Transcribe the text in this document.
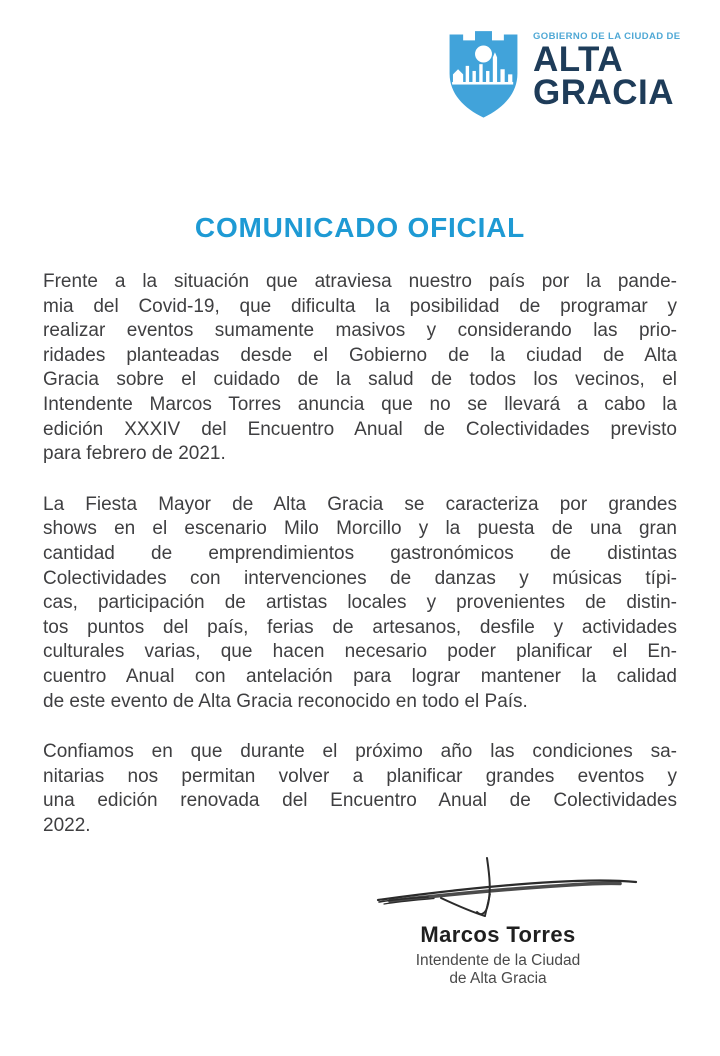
GOBIERNO DE LA CIUDAD DE
ALTA
GRACIA
COMUNICADO OFICIAL
Frente a la situación que atraviesa nuestro país por la pande-
mia del Covid-19, que dificulta la posibilidad de programar y
realizar eventos sumamente masivos y considerando las prio-
ridades planteadas desde el Gobierno de la ciudad de Alta
Gracia sobre el cuidado de la salud de todos los vecinos, el
Intendente Marcos Torres anuncia que no se llevará a cabo la
edición XXXIV del Encuentro Anual de Colectividades previsto
para febrero de 2021.
La Fiesta Mayor de Alta Gracia se caracteriza por grandes
shows en el escenario Milo Morcillo y la puesta de una gran
cantidad de emprendimientos gastronómicos de distintas
Colectividades con intervenciones de danzas y músicas típi-
cas, participación de artistas locales y provenientes de distin-
tos puntos del país, ferias de artesanos, desfile y actividades
culturales varias, que hacen necesario poder planificar el En-
cuentro Anual con antelación para lograr mantener la calidad
de este evento de Alta Gracia reconocido en todo el País.
Confiamos en que durante el próximo año las condiciones sa-
nitarias nos permitan volver a planificar grandes eventos y
una edición renovada del Encuentro Anual de Colectividades
2022.
Marcos Torres
Intendente de la Ciudad
de Alta Gracia
